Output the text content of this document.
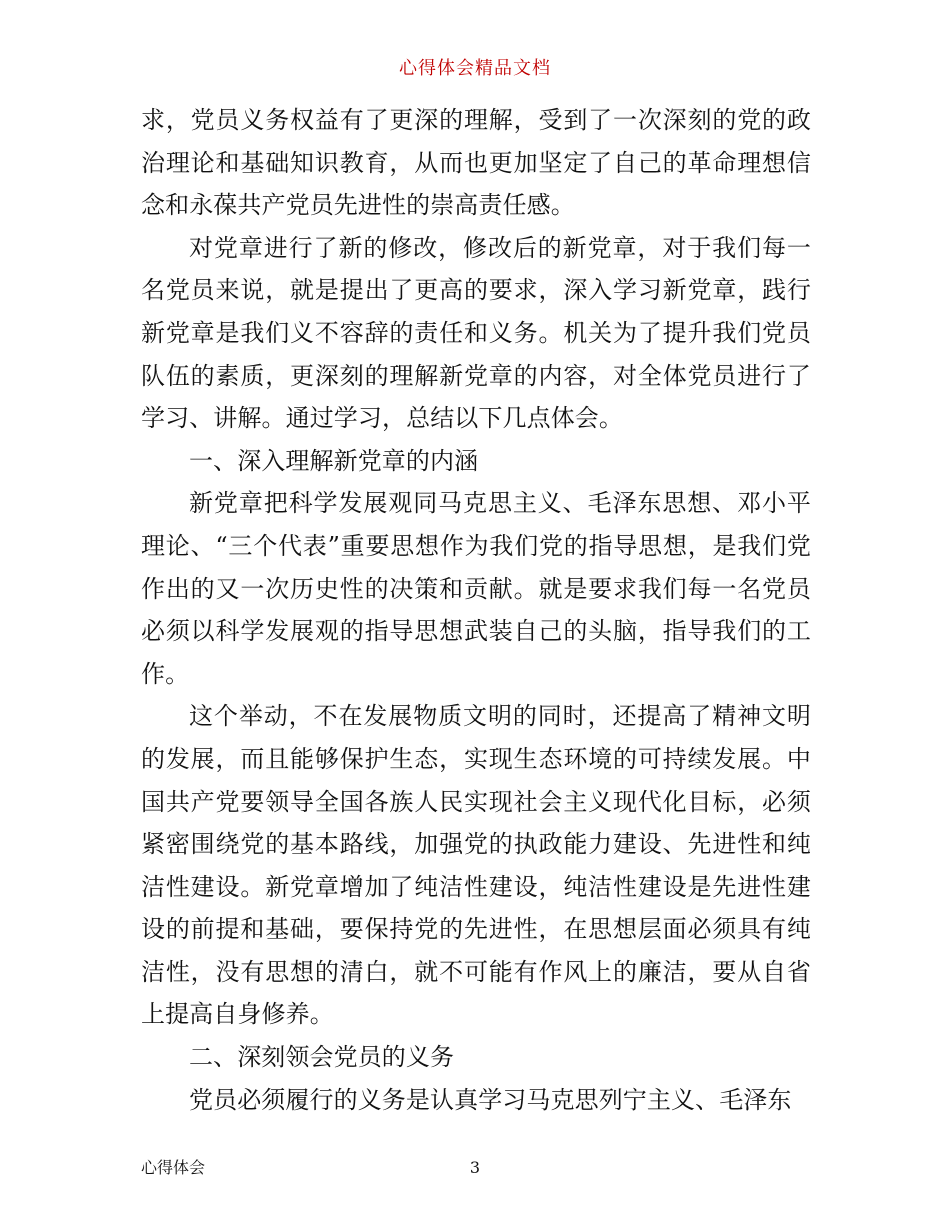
心得体会精品文档

求，党员义务权益有了更深的理解，受到了一次深刻的党的政治理论和基础知识教育，从而也更加坚定了自己的革命理想信念和永葆共产党员先进性的崇高责任感。

对党章进行了新的修改，修改后的新党章，对于我们每一名党员来说，就是提出了更高的要求，深入学习新党章，践行新党章是我们义不容辞的责任和义务。机关为了提升我们党员队伍的素质，更深刻的理解新党章的内容，对全体党员进行了学习、讲解。通过学习，总结以下几点体会。

一、深入理解新党章的内涵

新党章把科学发展观同马克思主义、毛泽东思想、邓小平理论、“三个代表”重要思想作为我们党的指导思想，是我们党作出的又一次历史性的决策和贡献。就是要求我们每一名党员必须以科学发展观的指导思想武装自己的头脑，指导我们的工作。

这个举动，不在发展物质文明的同时，还提高了精神文明的发展，而且能够保护生态，实现生态环境的可持续发展。中国共产党要领导全国各族人民实现社会主义现代化目标，必须紧密围绕党的基本路线，加强党的执政能力建设、先进性和纯洁性建设。新党章增加了纯洁性建设，纯洁性建设是先进性建设的前提和基础，要保持党的先进性，在思想层面必须具有纯洁性，没有思想的清白，就不可能有作风上的廉洁，要从自省上提高自身修养。

二、深刻领会党员的义务

党员必须履行的义务是认真学习马克思列宁主义、毛泽东

心得体会	3
